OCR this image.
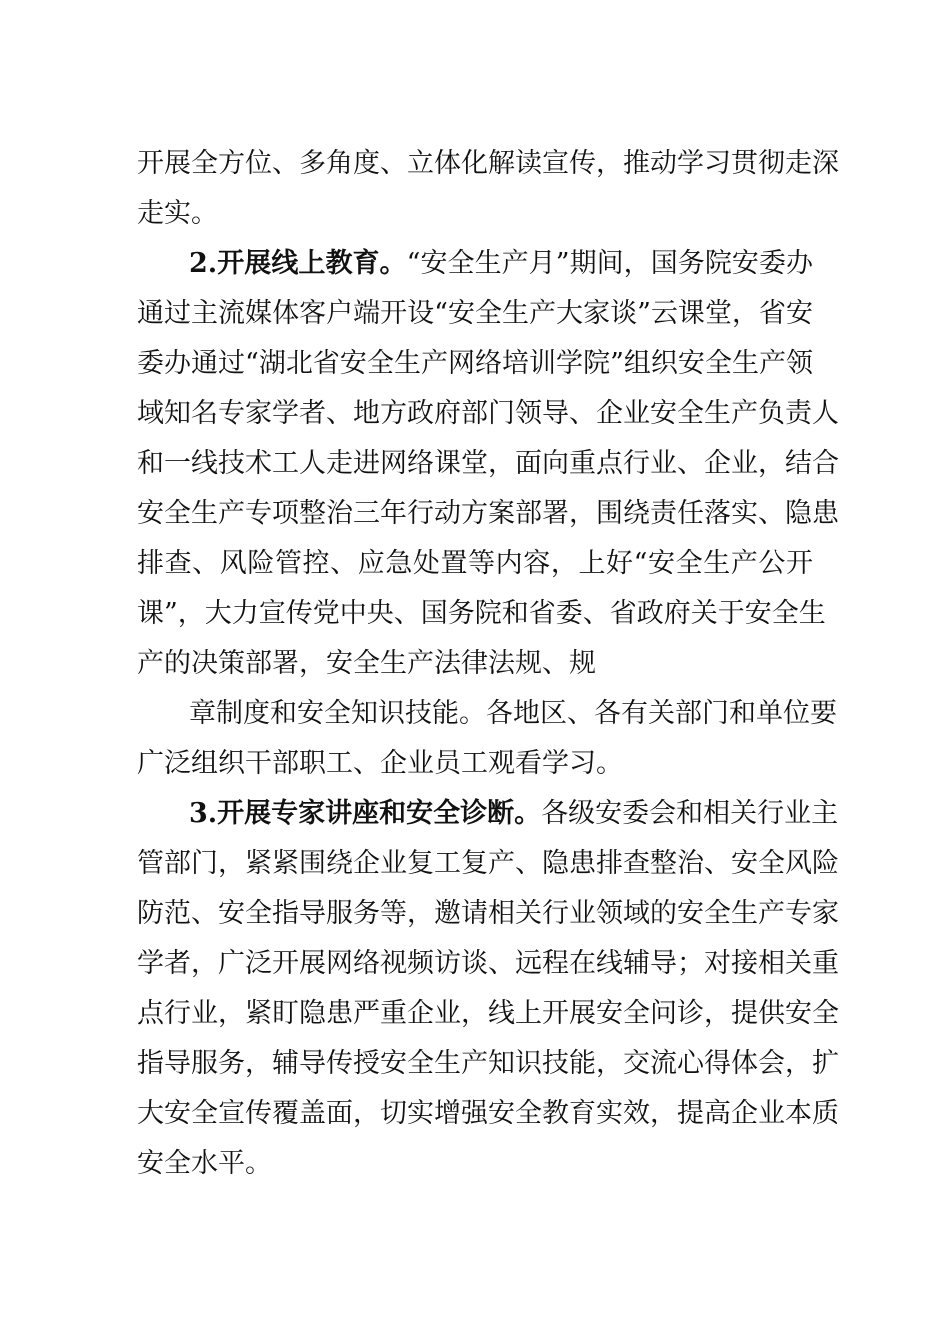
开展全方位、多角度、立体化解读宣传，推动学习贯彻走深
走实。
2.开展线上教育。“安全生产月”期间，国务院安委办
通过主流媒体客户端开设“安全生产大家谈”云课堂，省安
委办通过“湖北省安全生产网络培训学院”组织安全生产领
域知名专家学者、地方政府部门领导、企业安全生产负责人
和一线技术工人走进网络课堂，面向重点行业、企业，结合
安全生产专项整治三年行动方案部署，围绕责任落实、隐患
排查、风险管控、应急处置等内容，上好“安全生产公开
课”，大力宣传党中央、国务院和省委、省政府关于安全生
产的决策部署，安全生产法律法规、规
章制度和安全知识技能。各地区、各有关部门和单位要
广泛组织干部职工、企业员工观看学习。
3.开展专家讲座和安全诊断。各级安委会和相关行业主
管部门，紧紧围绕企业复工复产、隐患排查整治、安全风险
防范、安全指导服务等，邀请相关行业领域的安全生产专家
学者，广泛开展网络视频访谈、远程在线辅导；对接相关重
点行业，紧盯隐患严重企业，线上开展安全问诊，提供安全
指导服务，辅导传授安全生产知识技能，交流心得体会，扩
大安全宣传覆盖面，切实增强安全教育实效，提高企业本质
安全水平。
